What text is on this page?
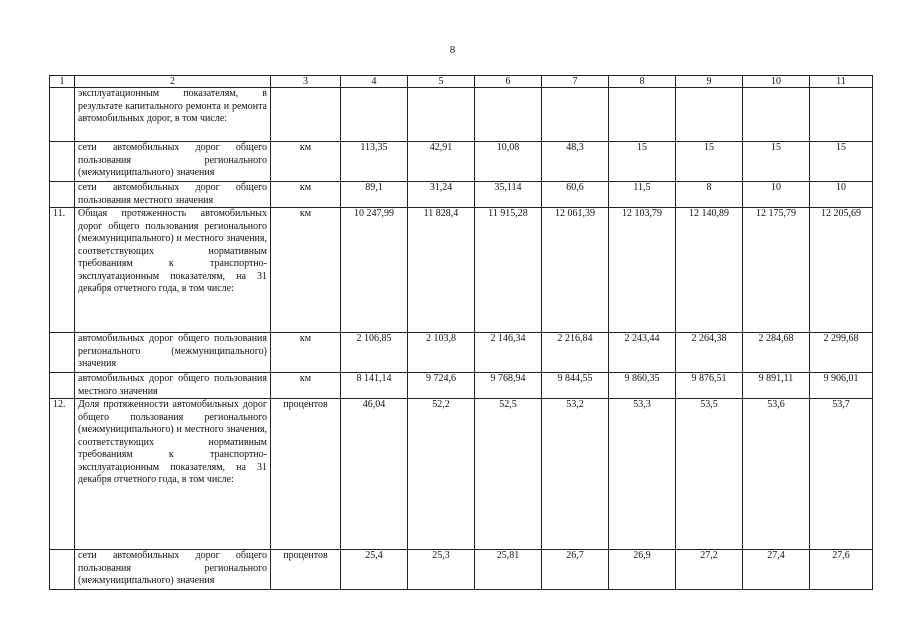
8
1	2	3	4	5	6	7	8	9	10	11
	эксплуатационным показателям, в результате капитального ремонта и ремонта автомобильных дорог, в том числе:									
	сети автомобильных дорог общего пользования регионального (межмуниципального) значения	км	113,35	42,91	10,08	48,3	15	15	15	15
	сети автомобильных дорог общего пользования местного значения	км	89,1	31,24	35,114	60,6	11,5	8	10	10
11.	Общая протяженность автомобильных дорог общего пользования регионального (межмуниципального) и местного значения, соответствующих нормативным требованиям к транспортно-эксплуатационным показателям, на 31 декабря отчетного года, в том числе:	км	10 247,99	11 828,4	11 915,28	12 061,39	12 103,79	12 140,89	12 175,79	12 205,69
	автомобильных дорог общего пользования регионального (межмуниципального) значения	км	2 106,85	2 103,8	2 146,34	2 216,84	2 243,44	2 264,38	2 284,68	2 299,68
	автомобильных дорог общего пользования местного значения	км	8 141,14	9 724,6	9 768,94	9 844,55	9 860,35	9 876,51	9 891,11	9 906,01
12.	Доля протяженности автомобильных дорог общего пользования регионального (межмуниципального) и местного значения, соответствующих нормативным требованиям к транспортно-эксплуатационным показателям, на 31 декабря отчетного года, в том числе:	процентов	46,04	52,2	52,5	53,2	53,3	53,5	53,6	53,7
	сети автомобильных дорог общего пользования регионального (межмуниципального) значения	процентов	25,4	25,3	25,81	26,7	26,9	27,2	27,4	27,6
